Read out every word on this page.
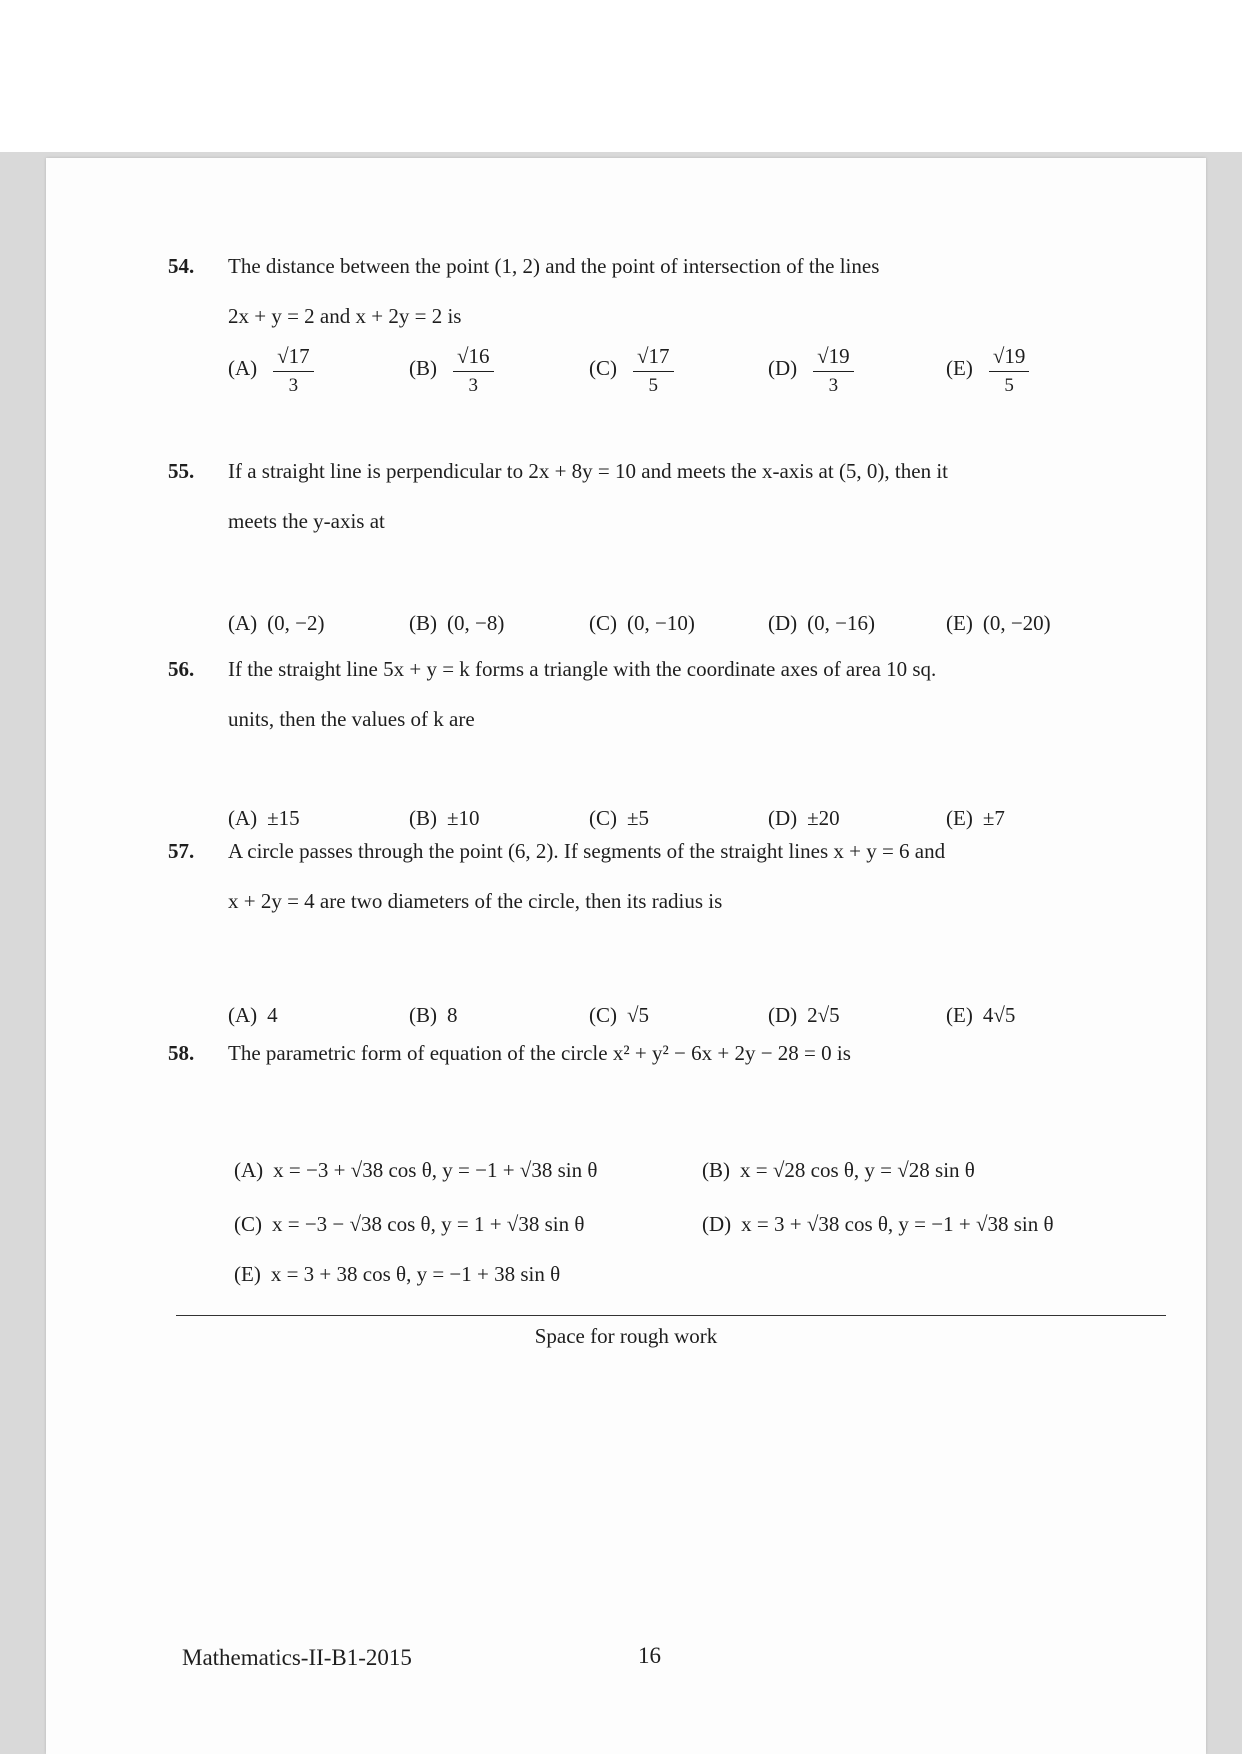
54. The distance between the point (1, 2) and the point of intersection of the lines
2x + y = 2 and x + 2y = 2 is
$(A) \frac{√17}{3}$	$(B) \frac{√16}{3}$	$(C) \frac{√17}{5}$	$(D) \frac{√19}{3}$	$(E) \frac{√19}{5}$
55. If a straight line is perpendicular to 2x + 8y = 10 and meets the x-axis at (5, 0), then it
meets the y-axis at
(A) (0, −2)	(B) (0, −8)	(C) (0, −10)	(D) (0, −16)	(E) (0, −20)
56. If the straight line 5x + y = k forms a triangle with the coordinate axes of area 10 sq.
units, then the values of k are
(A) ±15	(B) ±10	(C) ±5	(D) ±20	(E) ±7
57. A circle passes through the point (6, 2). If segments of the straight lines x + y = 6 and
x + 2y = 4 are two diameters of the circle, then its radius is
(A) 4	(B) 8	(C) √5	(D) 2√5	(E) 4√5
58. The parametric form of equation of the circle x² + y² − 6x + 2y − 28 = 0 is
(A) x = −3 + √38 cos θ, y = −1 + √38 sin θ	(B) x = √28 cos θ, y = √28 sin θ
(C) x = −3 − √38 cos θ, y = 1 + √38 sin θ	(D) x = 3 + √38 cos θ, y = −1 + √38 sin θ
(E) x = 3 + 38 cos θ, y = −1 + 38 sin θ
Space for rough work
Mathematics-II-B1-2015	16
